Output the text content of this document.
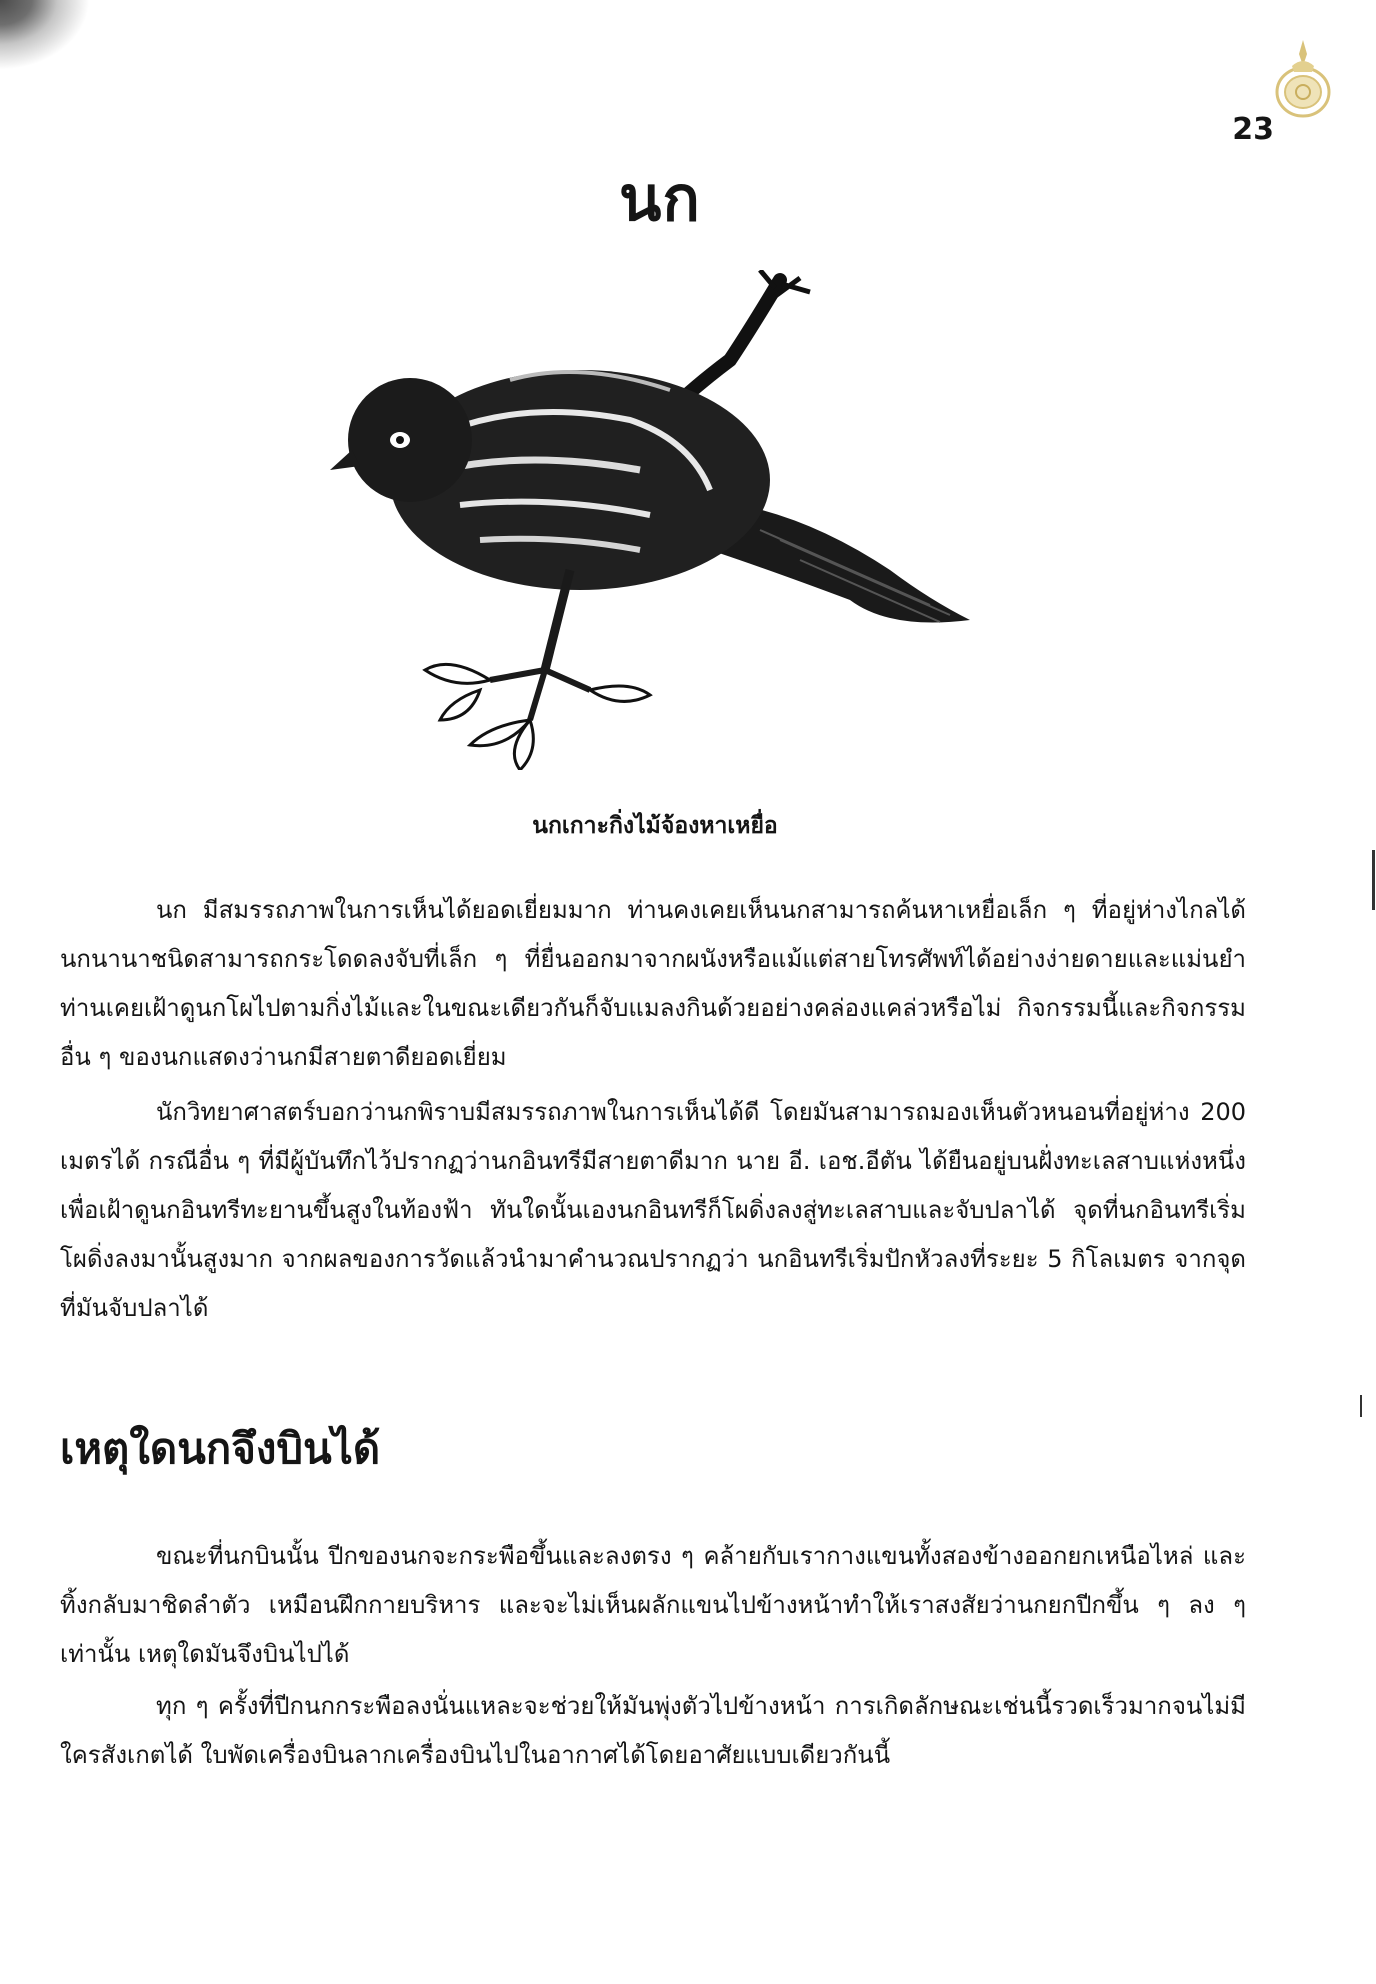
23
นก
นกเกาะกิ่งไม้จ้องหาเหยื่อ

นก มีสมรรถภาพในการเห็นได้ยอดเยี่ยมมาก ท่านคงเคยเห็นนกสามารถค้นหาเหยื่อเล็ก ๆ ที่อยู่ห่างไกลได้ นกนานาชนิดสามารถกระโดดลงจับที่เล็ก ๆ ที่ยื่นออกมาจากผนังหรือแม้แต่สายโทรศัพท์ได้อย่างง่ายดายและแม่นยำ ท่านเคยเฝ้าดูนกโผไปตามกิ่งไม้และในขณะเดียวกันก็จับแมลงกินด้วยอย่างคล่องแคล่วหรือไม่ กิจกรรมนี้และกิจกรรมอื่น ๆ ของนกแสดงว่านกมีสายตาดียอดเยี่ยม

นักวิทยาศาสตร์บอกว่านกพิราบมีสมรรถภาพในการเห็นได้ดี โดยมันสามารถมองเห็นตัวหนอนที่อยู่ห่าง 200 เมตรได้ กรณีอื่น ๆ ที่มีผู้บันทึกไว้ปรากฏว่านกอินทรีมีสายตาดีมาก นาย อี. เอช.อีตัน ได้ยืนอยู่บนฝั่งทะเลสาบแห่งหนึ่ง เพื่อเฝ้าดูนกอินทรีทะยานขึ้นสูงในท้องฟ้า ทันใดนั้นเองนกอินทรีก็โผดิ่งลงสู่ทะเลสาบและจับปลาได้ จุดที่นกอินทรีเริ่มโผดิ่งลงมานั้นสูงมาก จากผลของการวัดแล้วนำมาคำนวณปรากฏว่า นกอินทรีเริ่มปักหัวลงที่ระยะ 5 กิโลเมตร จากจุดที่มันจับปลาได้

เหตุใดนกจึงบินได้

ขณะที่นกบินนั้น ปีกของนกจะกระพือขึ้นและลงตรง ๆ คล้ายกับเรากางแขนทั้งสองข้างออกยกเหนือไหล่ และทิ้งกลับมาชิดลำตัว เหมือนฝึกกายบริหาร และจะไม่เห็นผลักแขนไปข้างหน้าทำให้เราสงสัยว่านกยกปีกขึ้น ๆ ลง ๆ เท่านั้น เหตุใดมันจึงบินไปได้

ทุก ๆ ครั้งที่ปีกนกกระพือลงนั่นแหละจะช่วยให้มันพุ่งตัวไปข้างหน้า การเกิดลักษณะเช่นนี้รวดเร็วมากจนไม่มีใครสังเกตได้ ใบพัดเครื่องบินลากเครื่องบินไปในอากาศได้โดยอาศัยแบบเดียวกันนี้
